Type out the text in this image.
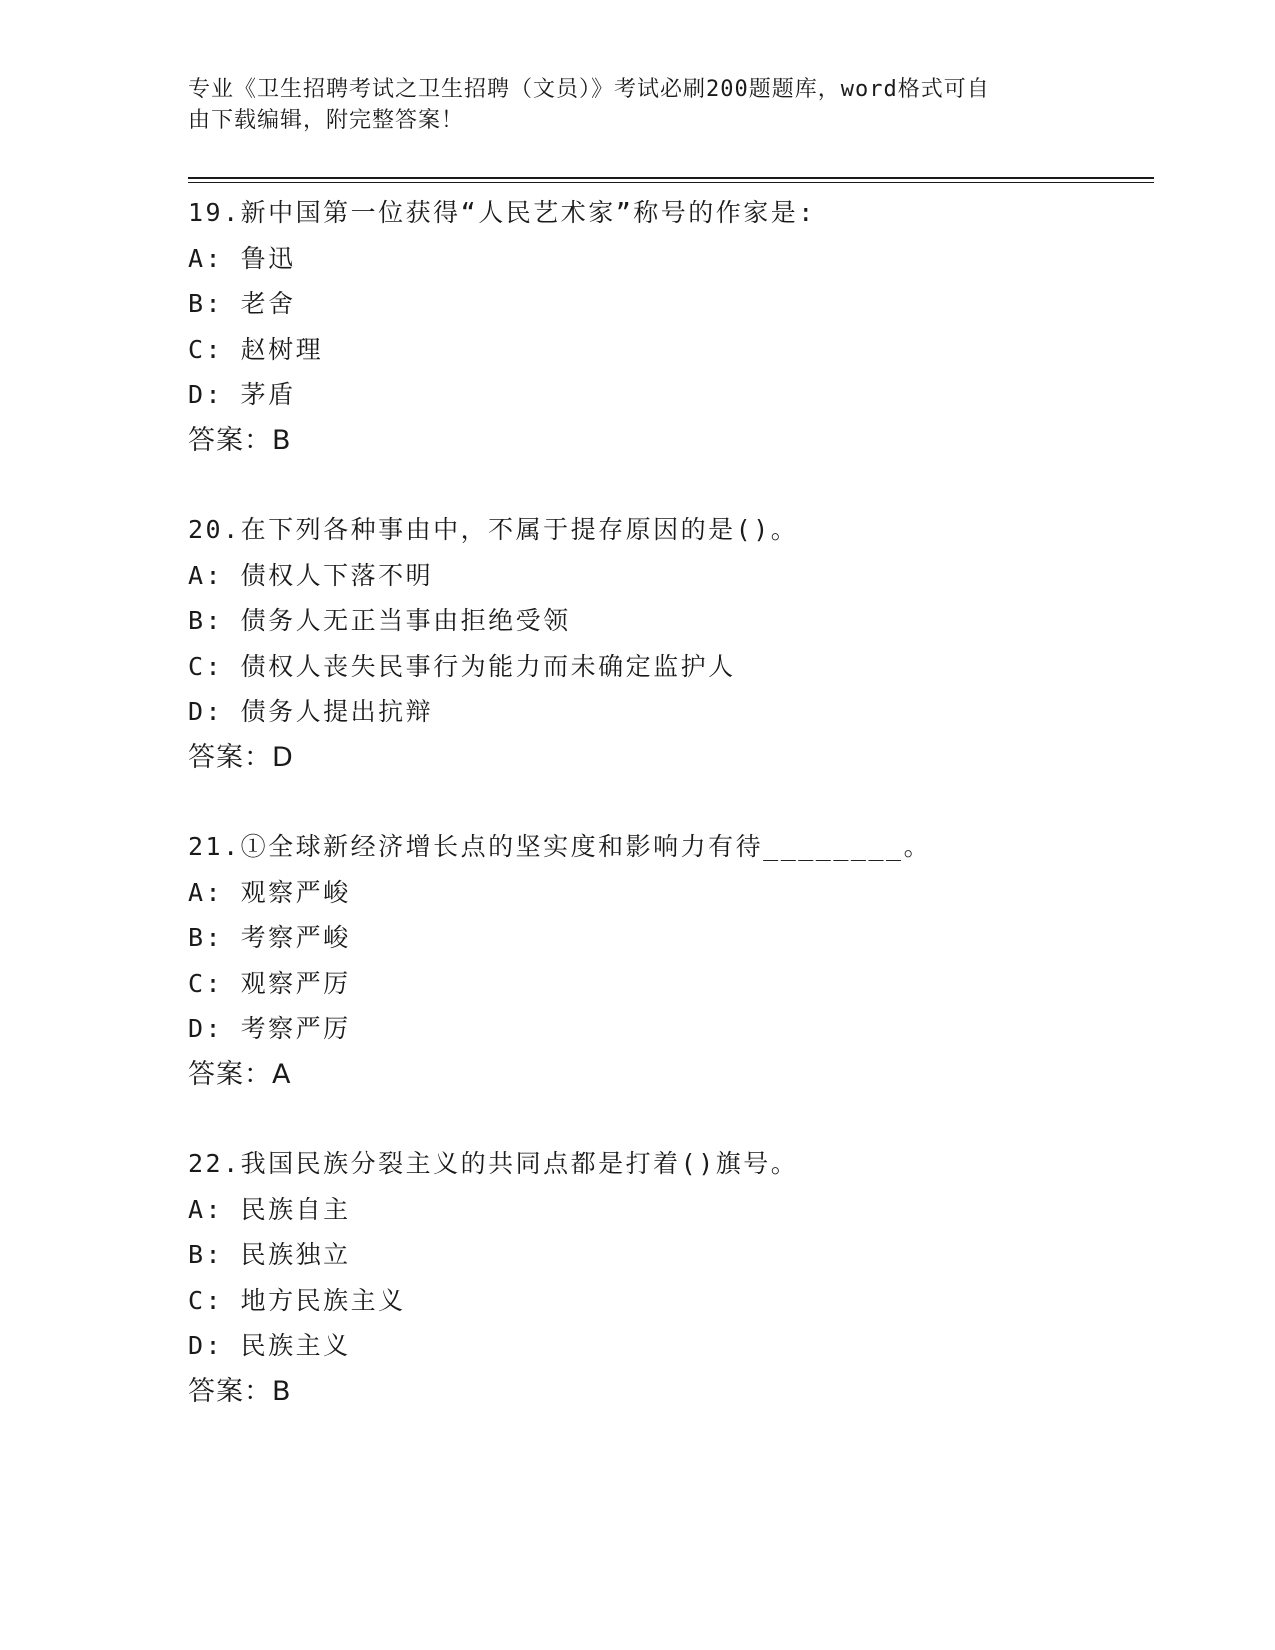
专业《卫生招聘考试之卫生招聘（文员）》考试必刷200题题库，word格式可自

由下载编辑，附完整答案！

19.新中国第一位获得“人民艺术家”称号的作家是:
A: 鲁迅
B: 老舍
C: 赵树理
D: 茅盾
答案：B
20.在下列各种事由中，不属于提存原因的是()。
A: 债权人下落不明
B: 债务人无正当事由拒绝受领
C: 债权人丧失民事行为能力而未确定监护人
D: 债务人提出抗辩
答案：D
21.①全球新经济增长点的坚实度和影响力有待________。
A: 观察严峻
B: 考察严峻
C: 观察严厉
D: 考察严厉
答案：A
22.我国民族分裂主义的共同点都是打着()旗号。
A: 民族自主
B: 民族独立
C: 地方民族主义
D: 民族主义
答案：B
